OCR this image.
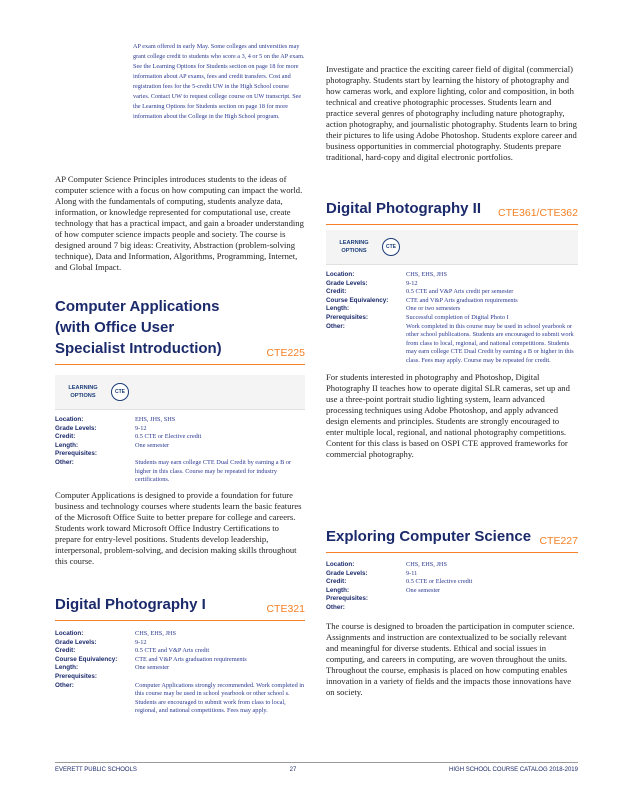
AP exam offered in early May. Some colleges and universities may grant college credit to students who score a 3, 4 or 5 on the AP exam. See the Learning Options for Students section on page 18 for more information about AP exams, fees and credit transfers. Cost and registration fees for the 5-credit UW in the High School course varies. Contact UW to request college course on UW transcript. See the Learning Options for Students section on page 18 for more information about the College in the High School program.

AP Computer Science Principles introduces students to the ideas of computer science with a focus on how computing can impact the world. Along with the fundamentals of computing, students analyze data, information, or knowledge represented for computational use, create technology that has a practical impact, and gain a broader understanding of how computer science impacts people and society. The course is designed around 7 big ideas: Creativity, Abstraction (problem-solving technique), Data and Information, Algorithms, Programming, Internet, and Global Impact.

Computer Applications (with Office User Specialist Introduction)	CTE225
LEARNING OPTIONS
CTE
Location:	EHS, JHS, SHS
Grade Levels:	9-12
Credit:	0.5 CTE or Elective credit
Length:	One semester
Prerequisites:
Other:	Students may earn college CTE Dual Credit by earning a B or higher in this class. Course may be repeated for industry certifications.

Computer Applications is designed to provide a foundation for future business and technology courses where students learn the basic features of the Microsoft Office Suite to better prepare for college and careers. Students work toward Microsoft Office Industry Certifications to prepare for entry-level positions. Students develop leadership, interpersonal, problem-solving, and decision making skills throughout this course.

Digital Photography I	CTE321
Location:	CHS, EHS, JHS
Grade Levels:	9-12
Credit:	0.5 CTE and V&P Arts credit
Course Equivalency:	CTE and V&P Arts graduation requirements
Length:	One semester
Prerequisites:
Other:	Computer Applications strongly recommended. Work completed in this course may be used in school yearbook or other school s. Students are encouraged to submit work from class to local, regional, and national competitions. Fees may apply.

Investigate and practice the exciting career field of digital (commercial) photography. Students start by learning the history of photography and how cameras work, and explore lighting, color and composition, in both technical and creative photographic processes. Students learn and practice several genres of photography including nature photography, action photography, and journalistic photography. Students learn to bring their pictures to life using Adobe Photoshop. Students explore career and business opportunities in commercial photography. Students prepare traditional, hard-copy and digital electronic portfolios.

Digital Photography II CTE361/CTE362
LEARNING OPTIONS
CTE
Location:	CHS, EHS, JHS
Grade Levels:	9-12
Credit:	0.5 CTE and V&P Arts credit per semester
Course Equivalency:	CTE and V&P Arts graduation requirements
Length:	One or two semesters
Prerequisites:	Successful completion of Digital Photo I
Other:	Work completed in this course may be used in school yearbook or other school publications. Students are encouraged to submit work from class to local, regional, and national competitions. Students may earn college CTE Dual Credit by earning a B or higher in this class. Fees may apply. Course may be repeated for credit.

For students interested in photography and Photoshop, Digital Photography II teaches how to operate digital SLR cameras, set up and use a three-point portrait studio lighting system, learn advanced processing techniques using Adobe Photoshop, and apply advanced design elements and principles. Students are strongly encouraged to enter multiple local, regional, and national photography competitions. Content for this class is based on OSPI CTE approved frameworks for commercial photography.

Exploring Computer Science CTE227
Location:	CHS, EHS, JHS
Grade Levels:	9-11
Credit:	0.5 CTE or Elective credit
Length:	One semester
Prerequisites:
Other:

The course is designed to broaden the participation in computer science. Assignments and instruction are contextualized to be socially relevant and meaningful for diverse students. Ethical and social issues in computing, and careers in computing, are woven throughout the units. Throughout the course, emphasis is placed on how computing enables innovation in a variety of fields and the impacts those innovations have on society.

EVERETT PUBLIC SCHOOLS	27	HIGH SCHOOL COURSE CATALOG 2018-2019
